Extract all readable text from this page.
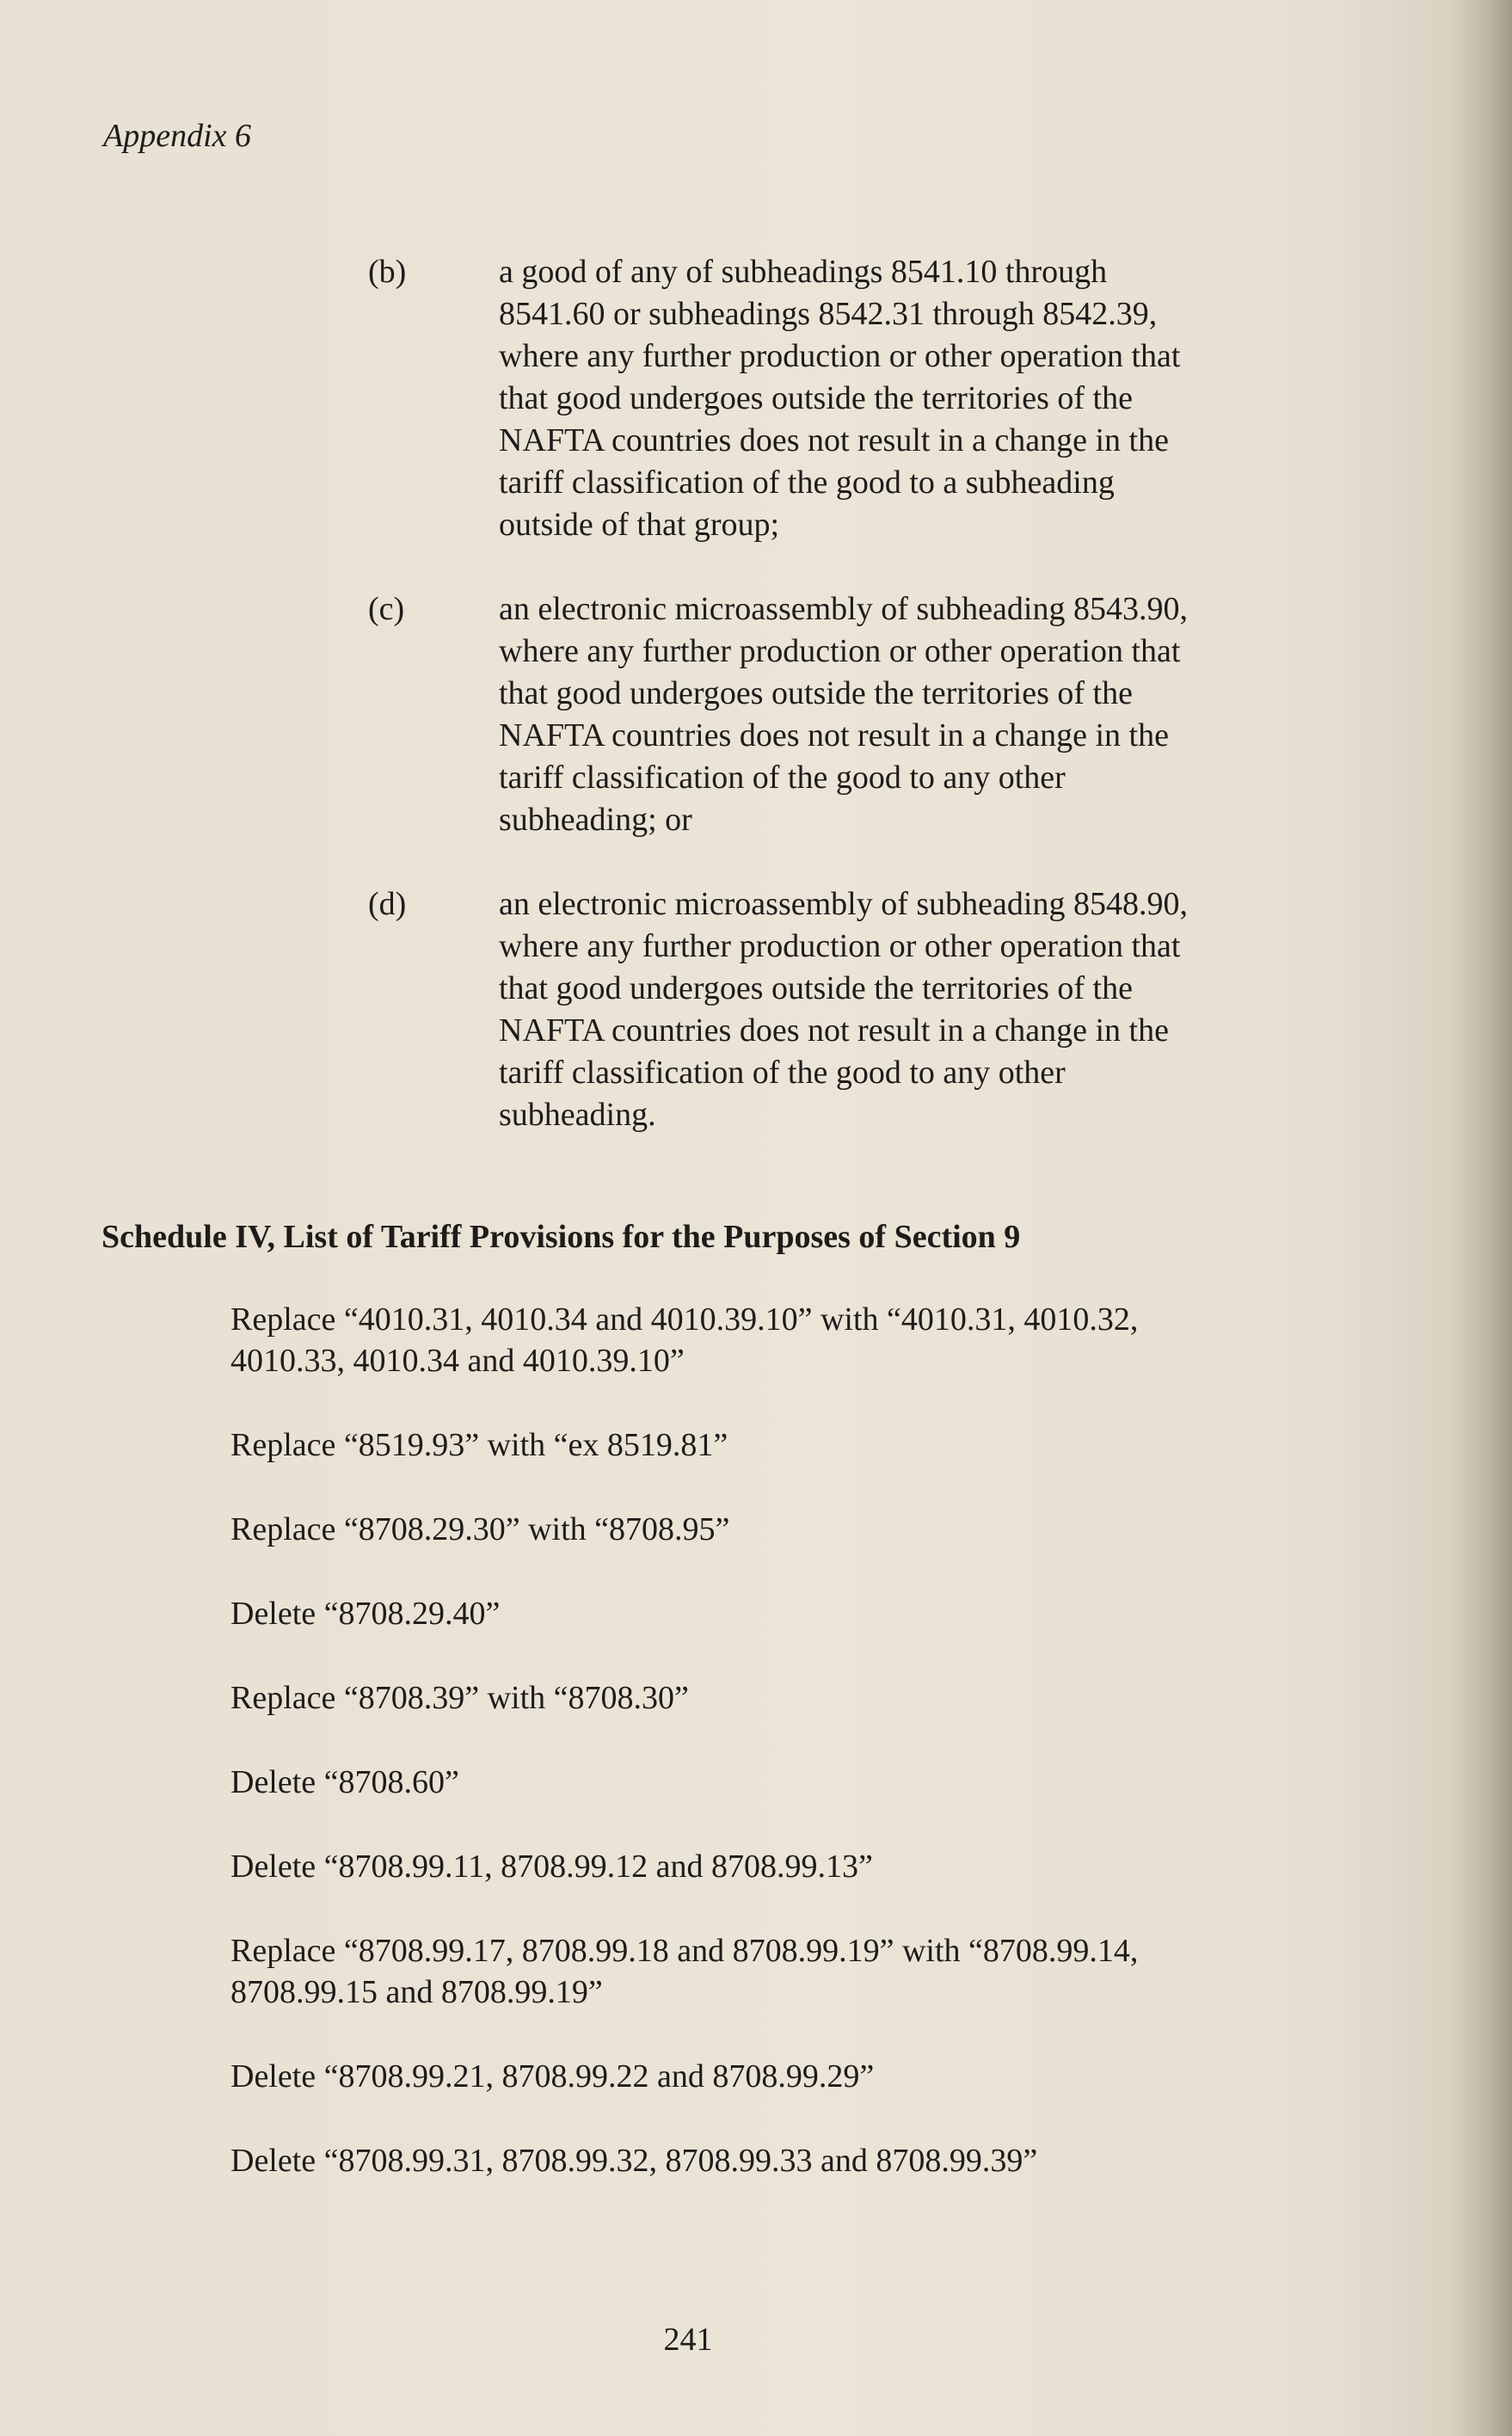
Appendix 6
(b)	a good of any of subheadings 8541.10 through
8541.60 or subheadings 8542.31 through 8542.39,
where any further production or other operation that
that good undergoes outside the territories of the
NAFTA countries does not result in a change in the
tariff classification of the good to a subheading
outside of that group;
(c)	an electronic microassembly of subheading 8543.90,
where any further production or other operation that
that good undergoes outside the territories of the
NAFTA countries does not result in a change in the
tariff classification of the good to any other
subheading; or
(d)	an electronic microassembly of subheading 8548.90,
where any further production or other operation that
that good undergoes outside the territories of the
NAFTA countries does not result in a change in the
tariff classification of the good to any other
subheading.
Schedule IV, List of Tariff Provisions for the Purposes of Section 9
Replace “4010.31, 4010.34 and 4010.39.10” with “4010.31, 4010.32,
4010.33, 4010.34 and 4010.39.10”
Replace “8519.93” with “ex 8519.81”
Replace “8708.29.30” with “8708.95”
Delete “8708.29.40”
Replace “8708.39” with “8708.30”
Delete “8708.60”
Delete “8708.99.11, 8708.99.12 and 8708.99.13”
Replace “8708.99.17, 8708.99.18 and 8708.99.19” with “8708.99.14,
8708.99.15 and 8708.99.19”
Delete “8708.99.21, 8708.99.22 and 8708.99.29”
Delete “8708.99.31, 8708.99.32, 8708.99.33 and 8708.99.39”
241
